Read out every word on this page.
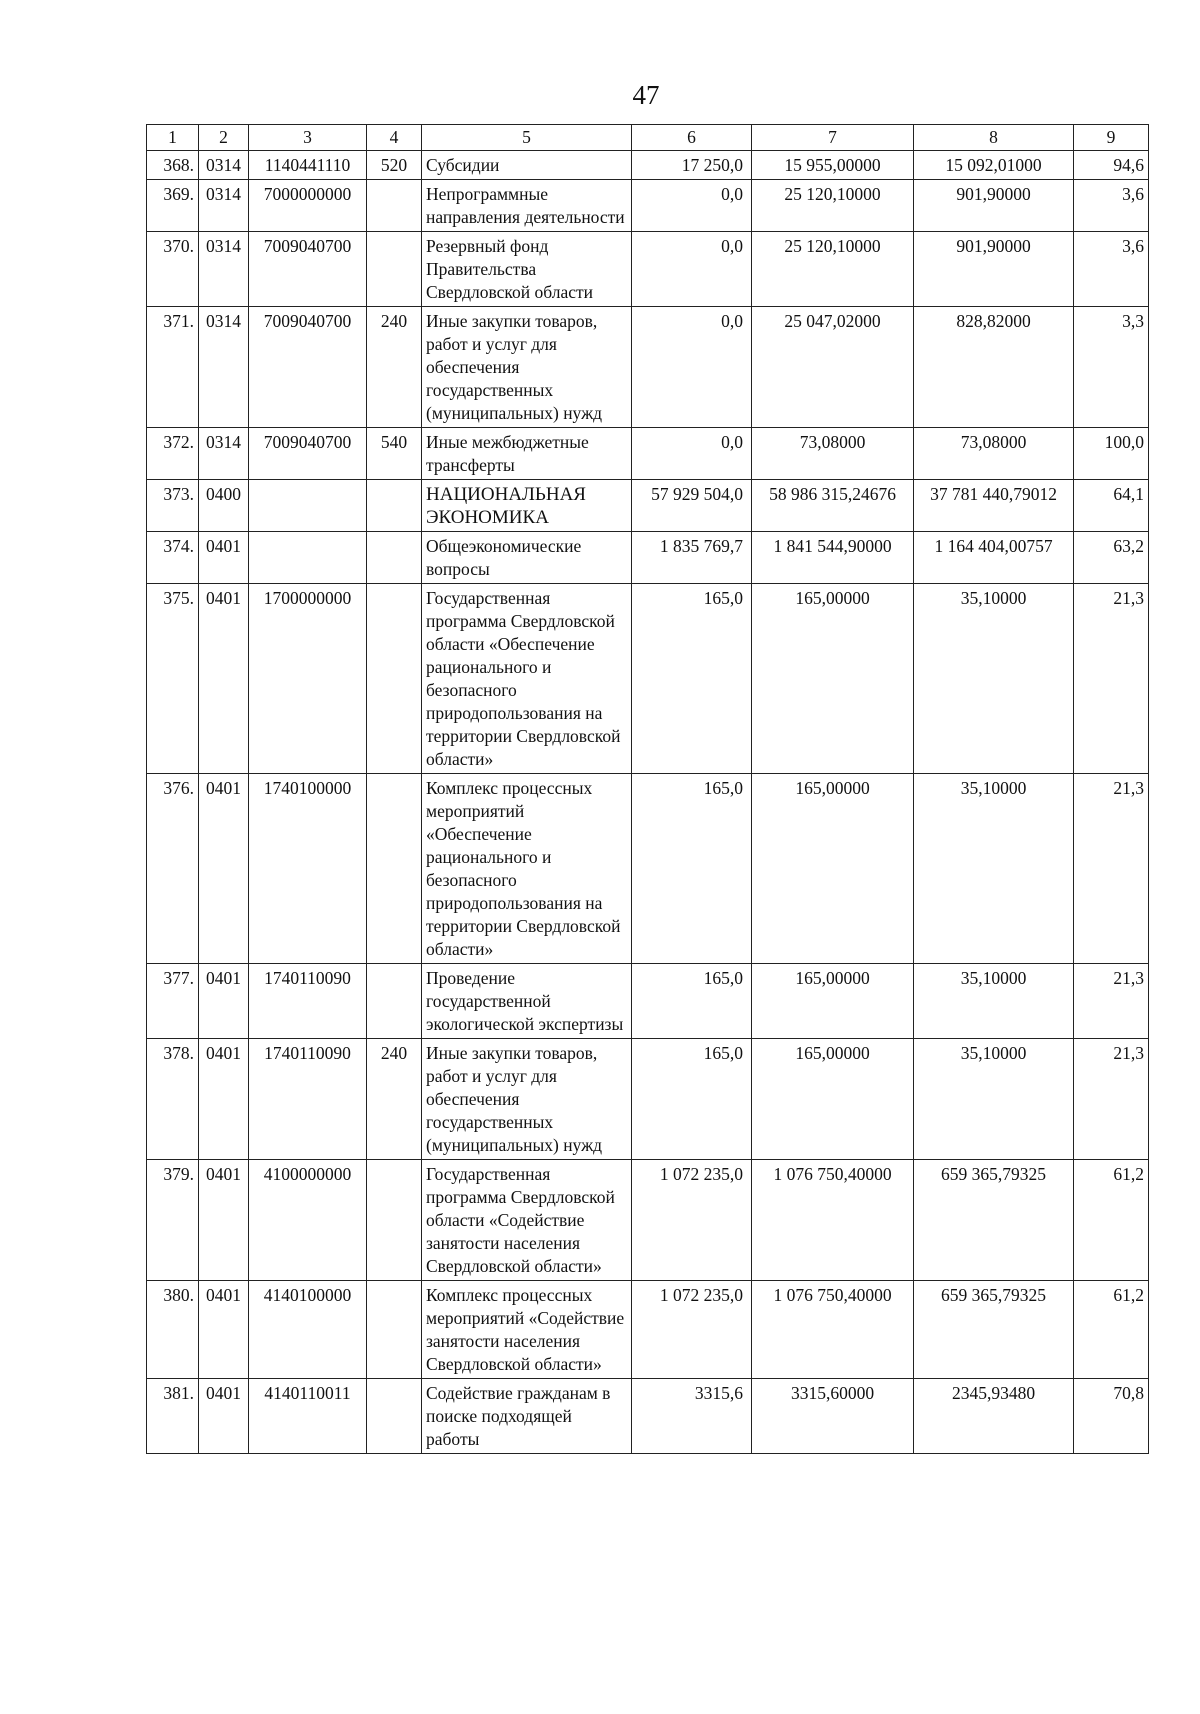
47
1	2	3	4	5	6	7	8	9
368.	0314	1140441110	520	Субсидии	17 250,0	15 955,00000	15 092,01000	94,6
369.	0314	7000000000		Непрограммные направления деятельности	0,0	25 120,10000	901,90000	3,6
370.	0314	7009040700		Резервный фонд Правительства Свердловской области	0,0	25 120,10000	901,90000	3,6
371.	0314	7009040700	240	Иные закупки товаров, работ и услуг для обеспечения государственных (муниципальных) нужд	0,0	25 047,02000	828,82000	3,3
372.	0314	7009040700	540	Иные межбюджетные трансферты	0,0	73,08000	73,08000	100,0
373.	0400			НАЦИОНАЛЬНАЯ ЭКОНОМИКА	57 929 504,0	58 986 315,24676	37 781 440,79012	64,1
374.	0401			Общеэкономические вопросы	1 835 769,7	1 841 544,90000	1 164 404,00757	63,2
375.	0401	1700000000		Государственная программа Свердловской области «Обеспечение рационального и безопасного природопользования на территории Свердловской области»	165,0	165,00000	35,10000	21,3
376.	0401	1740100000		Комплекс процессных мероприятий «Обеспечение рационального и безопасного природопользования на территории Свердловской области»	165,0	165,00000	35,10000	21,3
377.	0401	1740110090		Проведение государственной экологической экспертизы	165,0	165,00000	35,10000	21,3
378.	0401	1740110090	240	Иные закупки товаров, работ и услуг для обеспечения государственных (муниципальных) нужд	165,0	165,00000	35,10000	21,3
379.	0401	4100000000		Государственная программа Свердловской области «Содействие занятости населения Свердловской области»	1 072 235,0	1 076 750,40000	659 365,79325	61,2
380.	0401	4140100000		Комплекс процессных мероприятий «Содействие занятости населения Свердловской области»	1 072 235,0	1 076 750,40000	659 365,79325	61,2
381.	0401	4140110011		Содействие гражданам в поиске подходящей работы	3315,6	3315,60000	2345,93480	70,8
